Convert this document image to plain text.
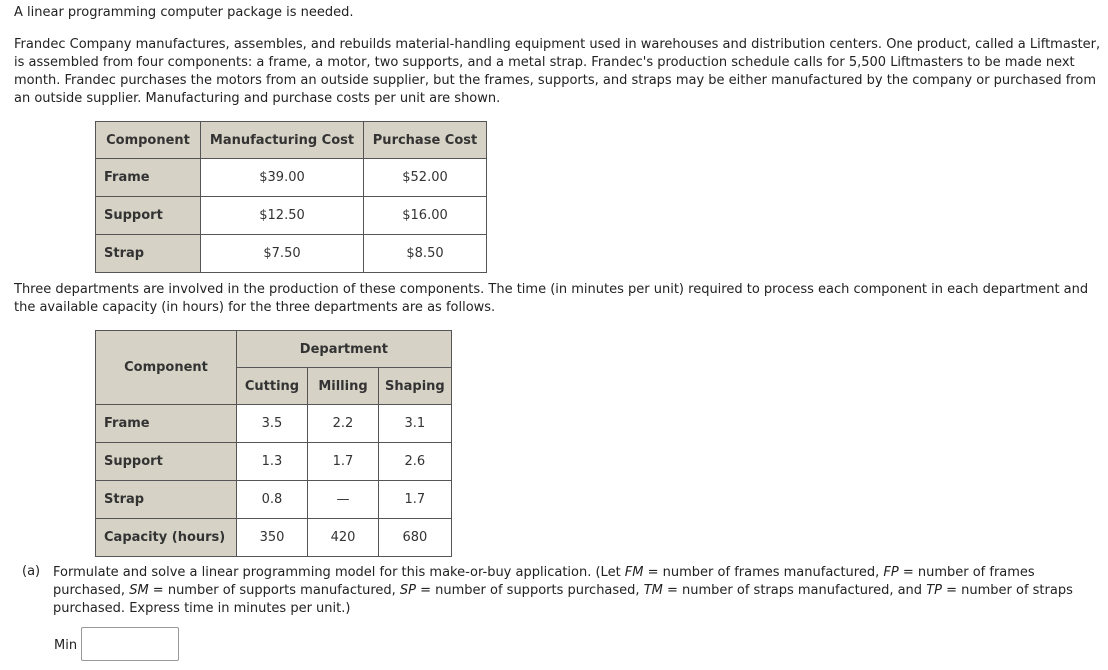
A linear programming computer package is needed.

Frandec Company manufactures, assembles, and rebuilds material-handling equipment used in warehouses and distribution centers. One product, called a Liftmaster, is assembled from four components: a frame, a motor, two supports, and a metal strap. Frandec's production schedule calls for 5,500 Liftmasters to be made next month. Frandec purchases the motors from an outside supplier, but the frames, supports, and straps may be either manufactured by the company or purchased from an outside supplier. Manufacturing and purchase costs per unit are shown.

Component	Manufacturing Cost	Purchase Cost
Frame	$39.00	$52.00
Support	$12.50	$16.00
Strap	$7.50	$8.50

Three departments are involved in the production of these components. The time (in minutes per unit) required to process each component in each department and the available capacity (in hours) for the three departments are as follows.

Component	Department		
	Cutting	Milling	Shaping
Frame	3.5	2.2	3.1
Support	1.3	1.7	2.6
Strap	0.8	—	1.7
Capacity (hours)	350	420	680
(a) Formulate and solve a linear programming model for this make-or-buy application. (Let FM = number of frames manufactured, FP = number of frames purchased, SM = number of supports manufactured, SP = number of supports purchased, TM = number of straps manufactured, and TP = number of straps purchased. Express time in minutes per unit.)

Min
